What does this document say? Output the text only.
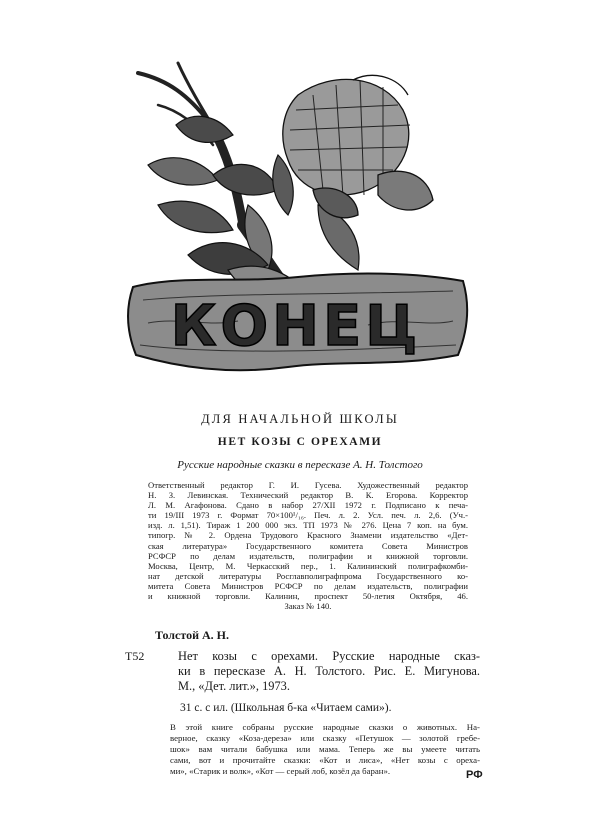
КОНЕЦ
ДЛЯ НАЧАЛЬНОЙ ШКОЛЫ
НЕТ КОЗЫ С ОРЕХАМИ
Русские народные сказки в пересказе А. Н. Толстого
Ответственный редактор Г. И. Гусева. Художественный редактор
Н. З. Левинская. Технический редактор В. К. Егорова. Корректор
Л. М. Агафонова. Сдано в набор 27/XII 1972 г. Подписано к печа-
ти 19/III 1973 г. Формат 70×100¹/₁₆. Печ. л. 2. Усл. печ. л. 2,6. (Уч.-
изд. л. 1,51). Тираж 1 200 000 экз. ТП 1973 № 276. Цена 7 коп. на бум.
типогр. № 2. Ордена Трудового Красного Знамени издательство «Дет-
ская литература» Государственного комитета Совета Министров
РСФСР по делам издательств, полиграфии и книжной торговли.
Москва, Центр, М. Черкасский пер., 1. Калининский полиграфкомби-
нат детской литературы Росглавполиграфпрома Государственного ко-
митета Совета Министров РСФСР по делам издательств, полиграфии
и книжной торговли. Калинин, проспект 50-летия Октября, 46.
Заказ № 140.
Толстой А. Н.
Т52	Нет козы с орехами. Русские народные сказ-
ки в пересказе А. Н. Толстого. Рис. Е. Мигунова.
М., «Дет. лит.», 1973.
31 с. с ил. (Школьная б-ка «Читаем сами»).
В этой книге собраны русские народные сказки о животных. На-
верное, сказку «Коза-дереза» или сказку «Петушок — золотой гребе-
шок» вам читали бабушка или мама. Теперь же вы умеете читать
сами, вот и прочитайте сказки: «Кот и лиса», «Нет козы с ореха-
ми», «Старик и волк», «Кот — серый лоб, козёл да баран».	РФ
